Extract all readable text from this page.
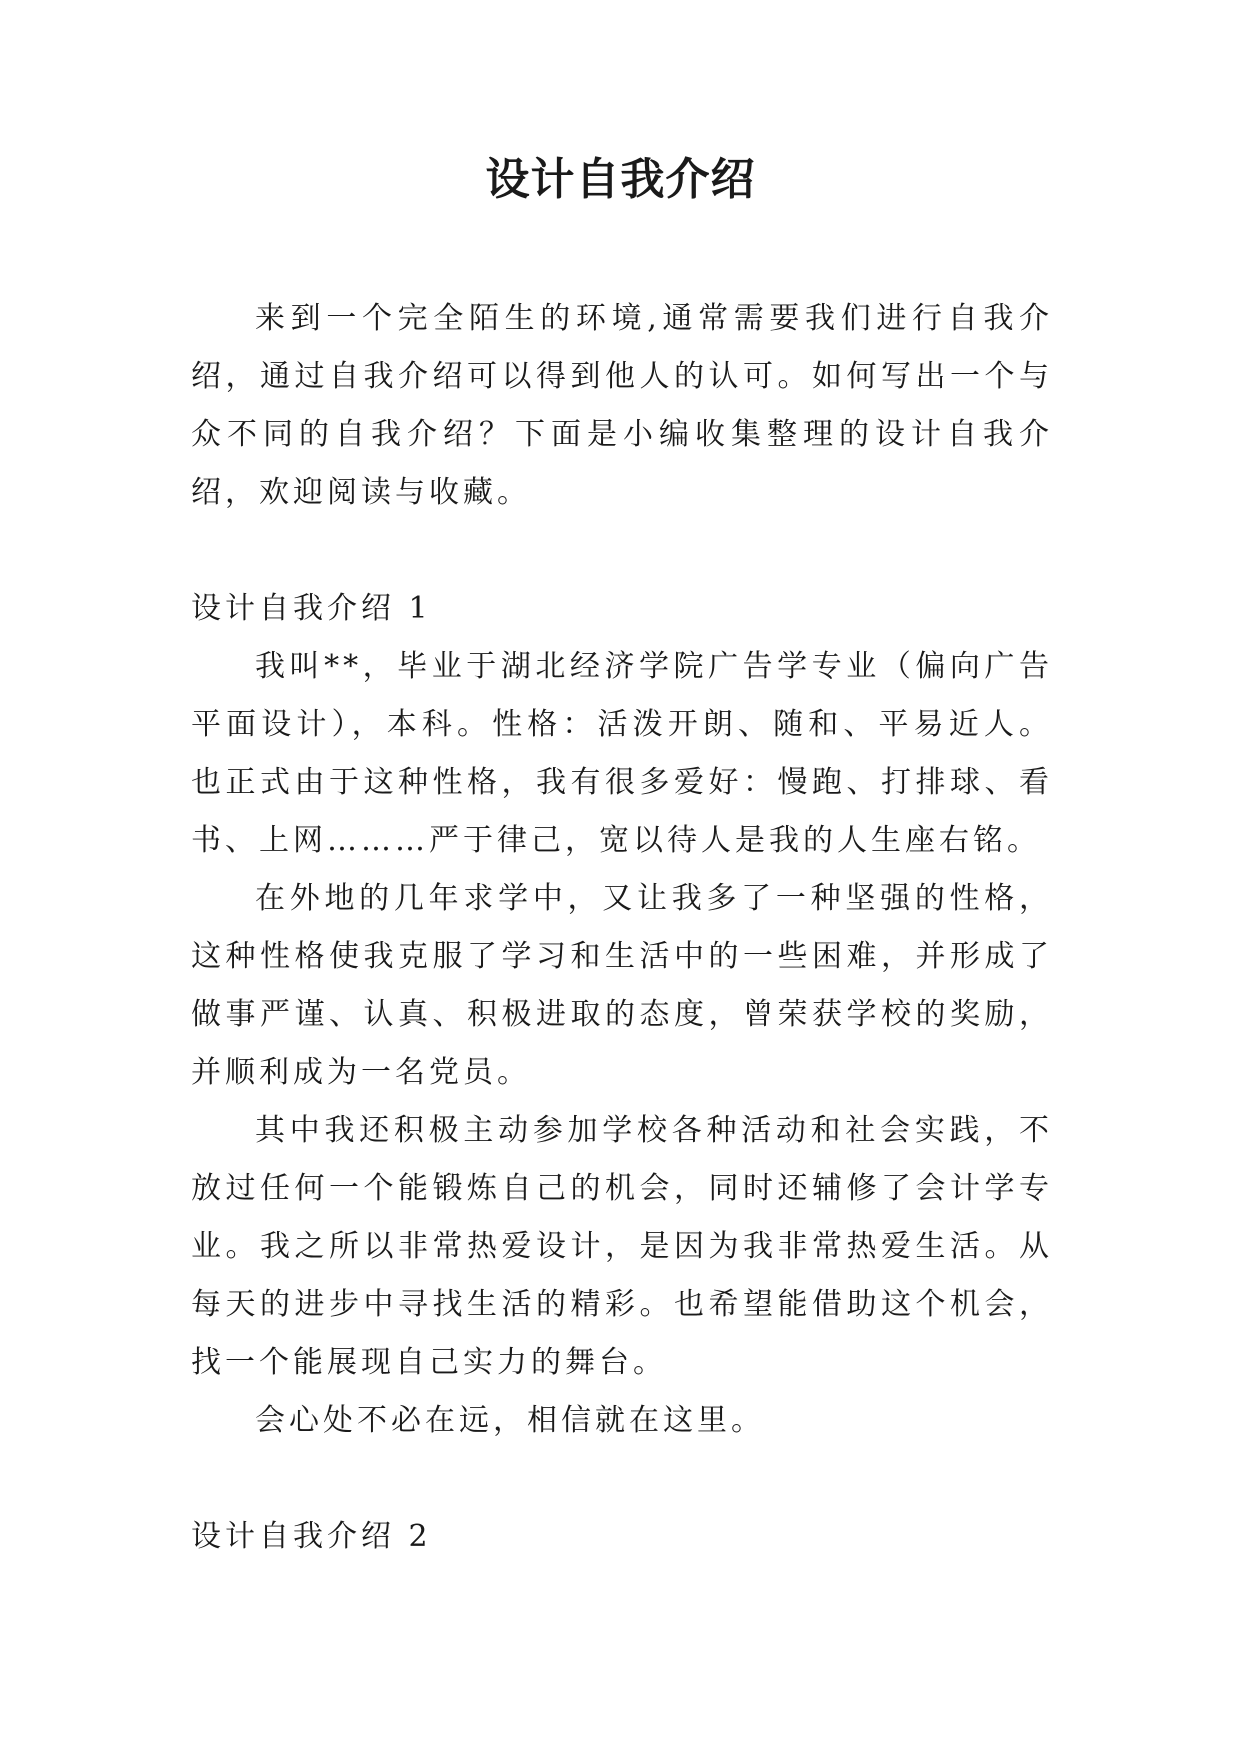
设计自我介绍

来到一个完全陌生的环境,通常需要我们进行自我介绍，通过自我介绍可以得到他人的认可。如何写出一个与众不同的自我介绍？下面是小编收集整理的设计自我介绍，欢迎阅读与收藏。

设计自我介绍 1

我叫**，毕业于湖北经济学院广告学专业（偏向广告平面设计），本科。性格：活泼开朗、随和、平易近人。也正式由于这种性格，我有很多爱好：慢跑、打排球、看书、上网………严于律己，宽以待人是我的人生座右铭。

在外地的几年求学中，又让我多了一种坚强的性格，这种性格使我克服了学习和生活中的一些困难，并形成了做事严谨、认真、积极进取的态度，曾荣获学校的奖励，并顺利成为一名党员。

其中我还积极主动参加学校各种活动和社会实践，不放过任何一个能锻炼自己的机会，同时还辅修了会计学专业。我之所以非常热爱设计，是因为我非常热爱生活。从每天的进步中寻找生活的精彩。也希望能借助这个机会，找一个能展现自己实力的舞台。

会心处不必在远，相信就在这里。

设计自我介绍 2
